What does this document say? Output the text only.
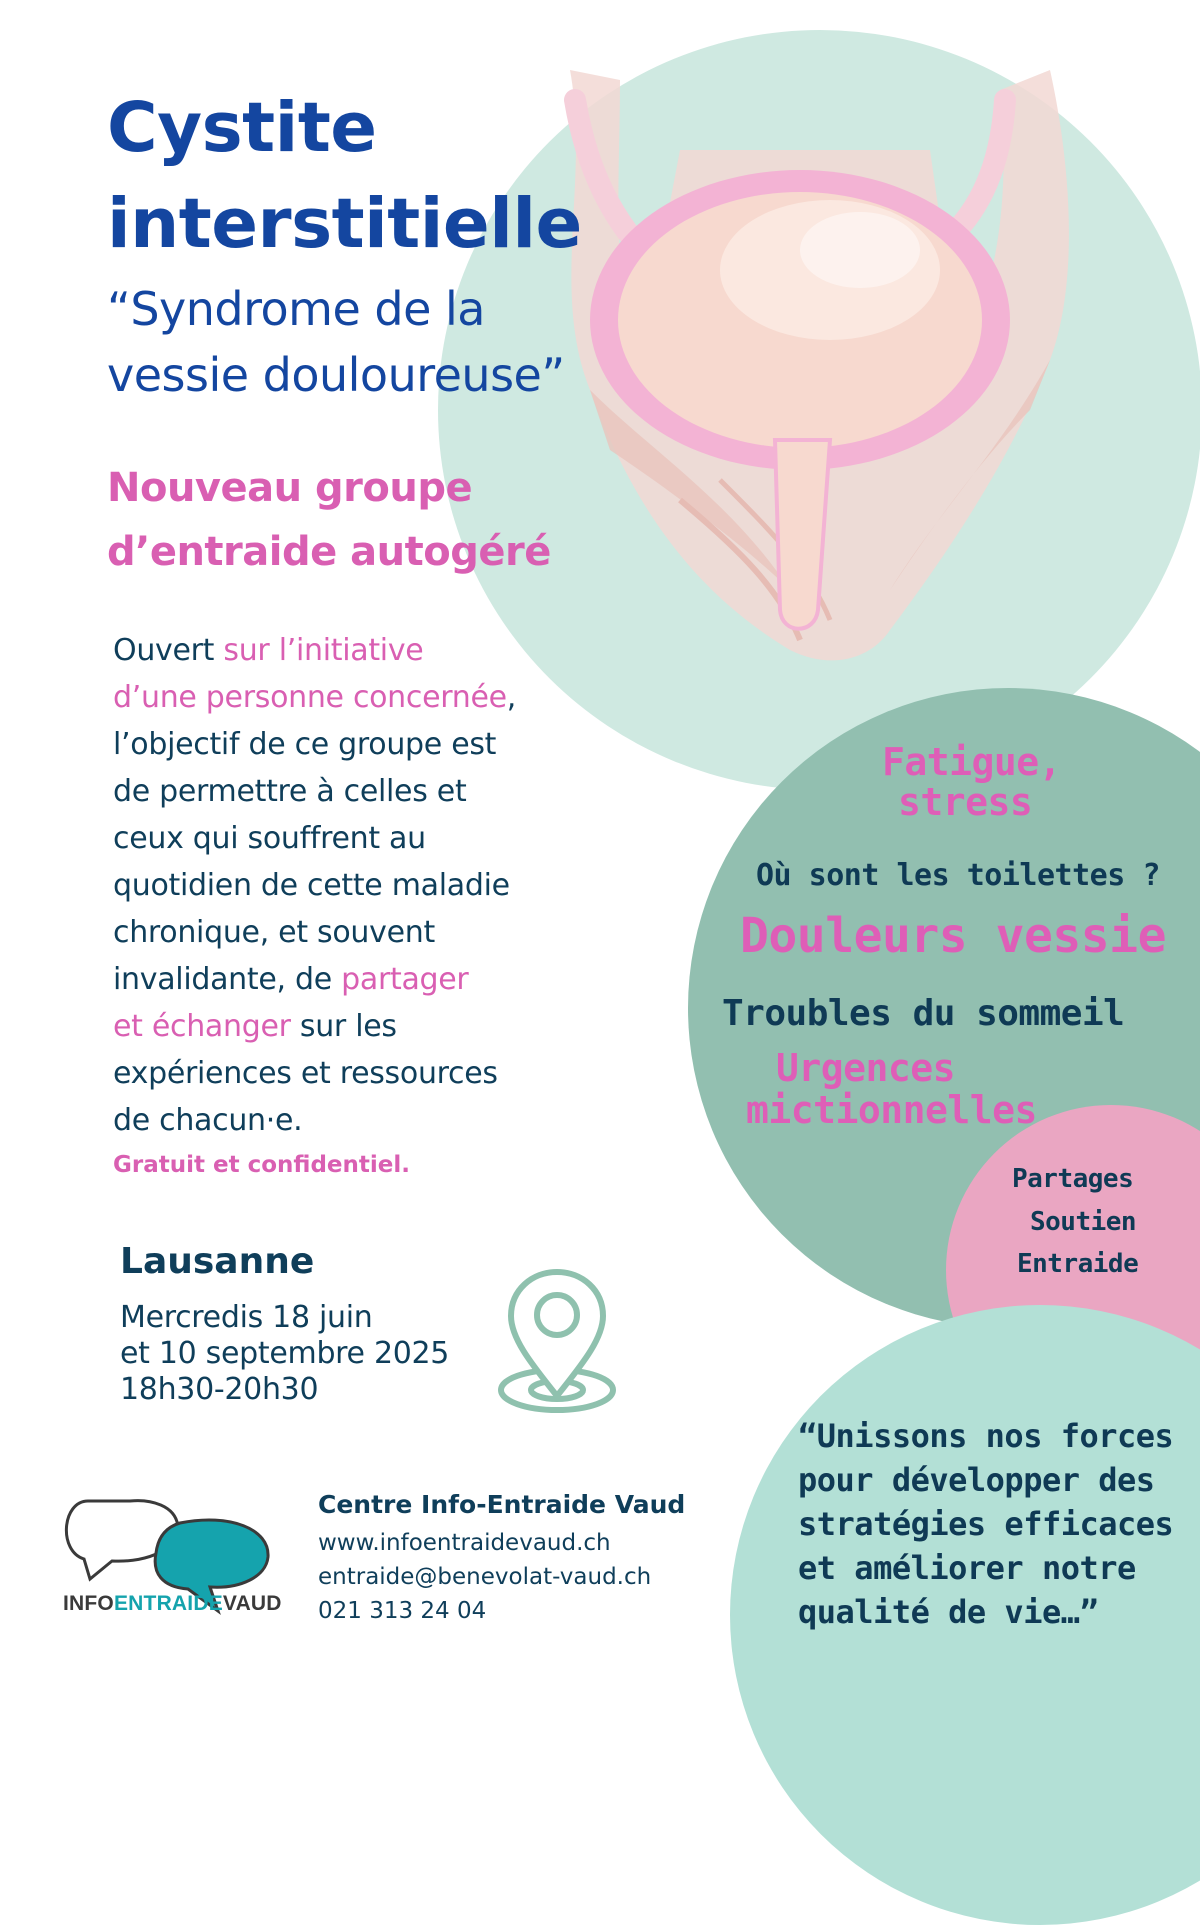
Cystite
interstitielle
“Syndrome de la
vessie douloureuse”
Nouveau groupe
d’entraide autogéré
Ouvert sur l’initiative
d’une personne concernée,
l’objectif de ce groupe est
de permettre à celles et
ceux qui souffrent au
quotidien de cette maladie
chronique, et souvent
invalidante, de partager
et échanger sur les
expériences et ressources
de chacun·e.
Gratuit et confidentiel.
Lausanne
Mercredis 18 juin
et 10 septembre 2025
18h30-20h30
Fatigue,
stress
Où sont les toilettes ?
Douleurs vessie
Troubles du sommeil
Urgences
mictionnelles
Partages
Soutien
Entraide
“Unissons nos forces
pour développer des
stratégies efficaces
et améliorer notre
qualité de vie…”
INFOENTRAIDEVAUD
Centre Info-Entraide Vaud
www.infoentraidevaud.ch
entraide@benevolat-vaud.ch
021 313 24 04
